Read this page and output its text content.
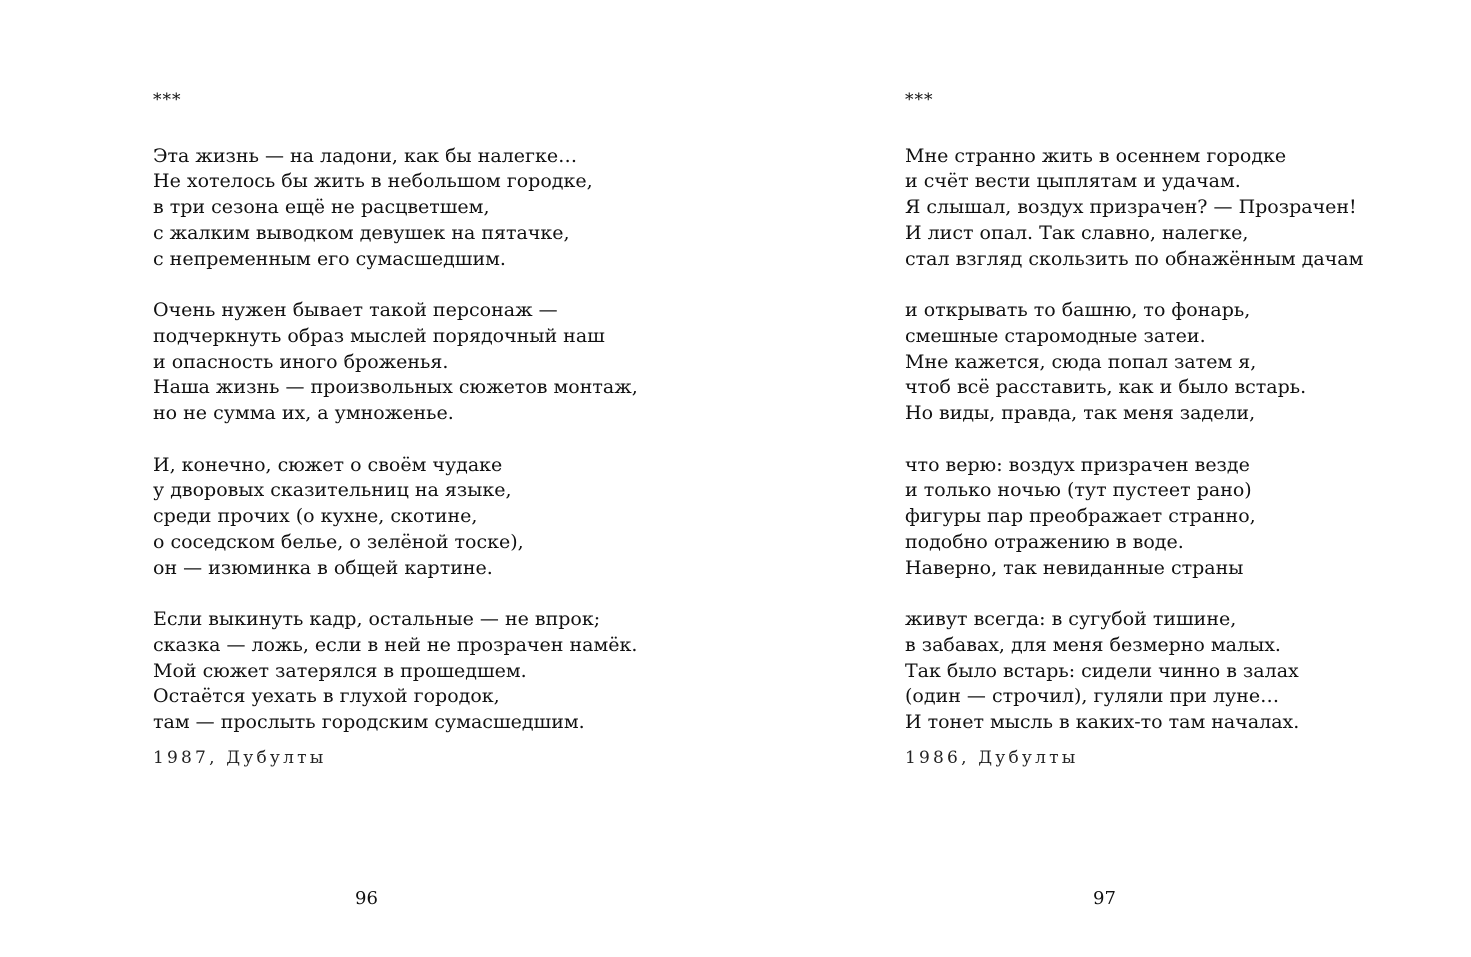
***
Эта жизнь — на ладони, как бы налегке…
Не хотелось бы жить в небольшом городке,
в три сезона ещё не расцветшем,
с жалким выводком девушек на пятачке,
с непременным его сумасшедшим.
Очень нужен бывает такой персонаж —
подчеркнуть образ мыслей порядочный наш
и опасность иного броженья.
Наша жизнь — произвольных сюжетов монтаж,
но не сумма их, а умноженье.
И, конечно, сюжет о своём чудаке
у дворовых сказительниц на языке,
среди прочих (о кухне, скотине,
о соседском белье, о зелёной тоске),
он — изюминка в общей картине.
Если выкинуть кадр, остальные — не впрок;
сказка — ложь, если в ней не прозрачен намёк.
Мой сюжет затерялся в прошедшем.
Остаётся уехать в глухой городок,
там — прослыть городским сумасшедшим.
1987, Дубулты
96
***
Мне странно жить в осеннем городке
и счёт вести цыплятам и удачам.
Я слышал, воздух призрачен? — Прозрачен!
И лист опал. Так славно, налегке,
стал взгляд скользить по обнажённым дачам
и открывать то башню, то фонарь,
смешные старомодные затеи.
Мне кажется, сюда попал затем я,
чтоб всё расставить, как и было встарь.
Но виды, правда, так меня задели,
что верю: воздух призрачен везде
и только ночью (тут пустеет рано)
фигуры пар преображает странно,
подобно отражению в воде.
Наверно, так невиданные страны
живут всегда: в сугубой тишине,
в забавах, для меня безмерно малых.
Так было встарь: сидели чинно в залах
(один — строчил), гуляли при луне…
И тонет мысль в каких-то там началах.
1986, Дубулты
97
